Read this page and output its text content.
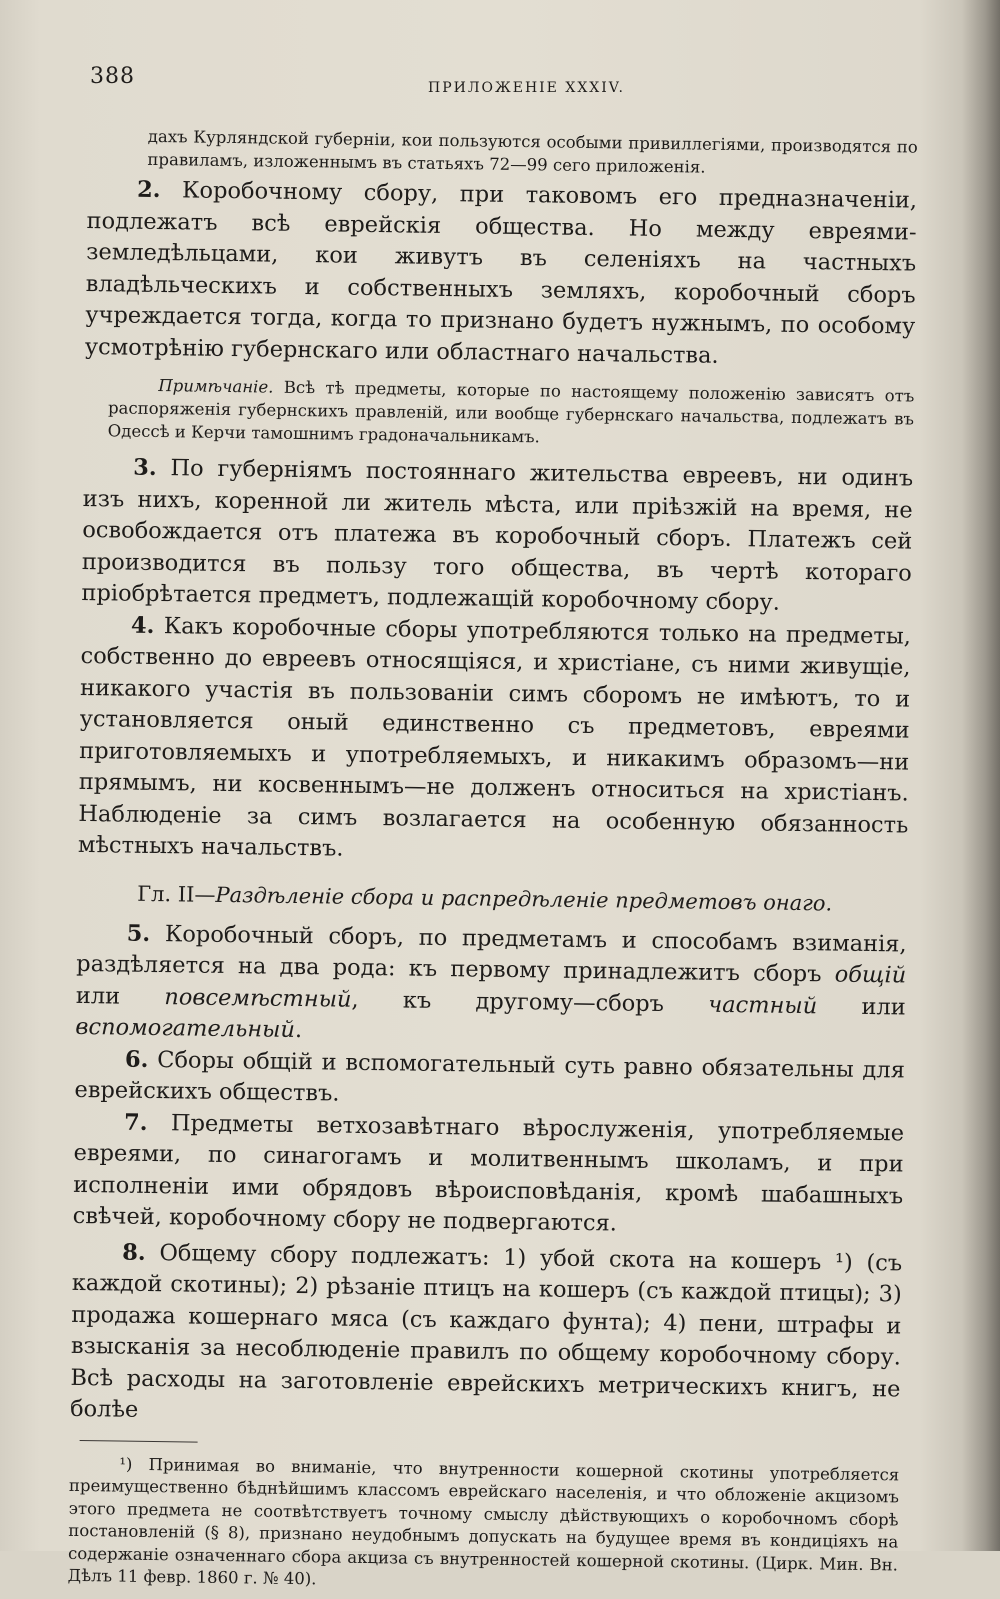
388	ПРИЛОЖЕНІЕ XXXIV.

дахъ Курляндской губерніи, кои пользуются особыми привиллегіями, производятся по правиламъ, изложеннымъ въ статьяхъ 72—99 сего приложенія.

2. Коробочному сбору, при таковомъ его предназначеніи, подлежатъ всѣ еврейскія общества. Но между евреями-земледѣльцами, кои живутъ въ селеніяхъ на частныхъ владѣльческихъ и собственныхъ земляхъ, коробочный сборъ учреждается тогда, когда то признано будетъ нужнымъ, по особому усмотрѣнію губернскаго или областнаго начальства.

Примѣчаніе. Всѣ тѣ предметы, которые по настоящему положенію зависятъ отъ распоряженія губернскихъ правленій, или вообще губернскаго начальства, подлежатъ въ Одессѣ и Керчи тамошнимъ градоначальникамъ.

3. По губерніямъ постояннаго жительства евреевъ, ни одинъ изъ нихъ, коренной ли житель мѣста, или пріѣзжій на время, не освобождается отъ платежа въ коробочный сборъ. Платежъ сей производится въ пользу того общества, въ чертѣ котораго пріобрѣтается предметъ, подлежащій коробочному сбору.

4. Какъ коробочные сборы употребляются только на предметы, собственно до евреевъ относящіяся, и христіане, съ ними живущіе, никакого участія въ пользованіи симъ сборомъ не имѣютъ, то и установляется оный единственно съ предметовъ, евреями приготовляемыхъ и употребляемыхъ, и никакимъ образомъ—ни прямымъ, ни косвеннымъ—не долженъ относиться на христіанъ. Наблюденіе за симъ возлагается на особенную обязанность мѣстныхъ начальствъ.

Гл. II—Раздѣленіе сбора и распредѣленіе предметовъ онаго.

5. Коробочный сборъ, по предметамъ и способамъ взиманія, раздѣляется на два рода: къ первому принадлежитъ сборъ общій или повсемѣстный, къ другому—сборъ частный или вспомогательный.

6. Сборы общій и вспомогательный суть равно обязательны для еврейскихъ обществъ.

7. Предметы ветхозавѣтнаго вѣрослуженія, употребляемые евреями, по синагогамъ и молитвеннымъ школамъ, и при исполненіи ими обрядовъ вѣроисповѣданія, кромѣ шабашныхъ свѣчей, коробочному сбору не подвергаются.

8. Общему сбору подлежатъ: 1) убой скота на кошеръ ¹) (съ каждой скотины); 2) рѣзаніе птицъ на кошеръ (съ каждой птицы); 3) продажа кошернаго мяса (съ каждаго фунта); 4) пени, штрафы и взысканія за несоблюденіе правилъ по общему коробочному сбору. Всѣ расходы на заготовленіе еврейскихъ метрическихъ книгъ, не болѣе

¹) Принимая во вниманіе, что внутренности кошерной скотины употребляется преимущественно бѣднѣйшимъ классомъ еврейскаго населенія, и что обложеніе акцизомъ этого предмета не соотвѣтствуетъ точному смыслу дѣйствующихъ о коробочномъ сборѣ постановленій (§ 8), признано неудобнымъ допускать на будущее время въ кондиціяхъ на содержаніе означеннаго сбора акциза съ внутренностей кошерной скотины. (Цирк. Мин. Вн. Дѣлъ 11 февр. 1860 г. № 40).
